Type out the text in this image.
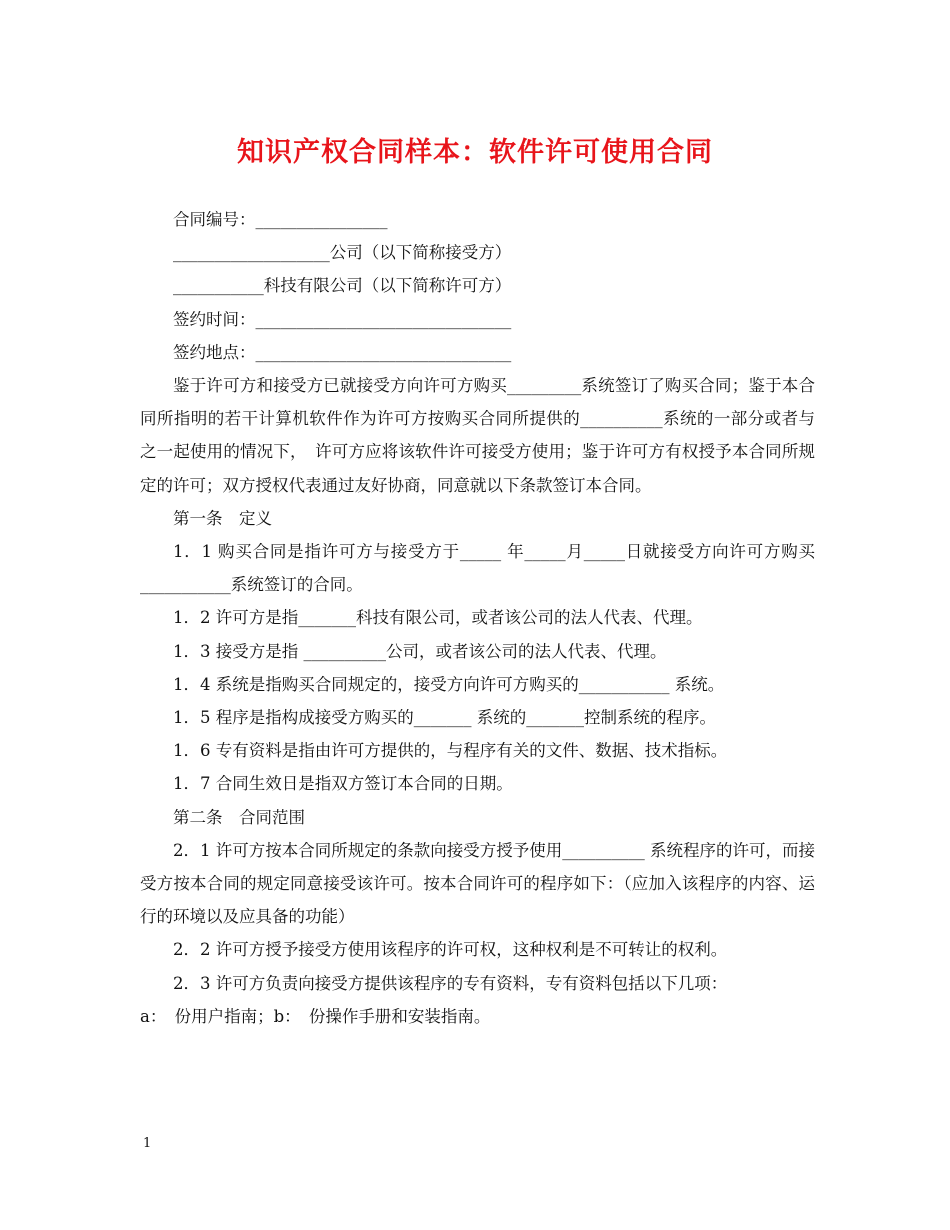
知识产权合同样本：软件许可使用合同

合同编号：________________

___________________公司（以下简称接受方）

___________科技有限公司（以下简称许可方）

签约时间：_______________________________

签约地点：_______________________________

鉴于许可方和接受方已就接受方向许可方购买_________系统签订了购买合同；鉴于本合同所指明的若干计算机软件作为许可方按购买合同所提供的__________系统的一部分或者与之一起使用的情况下，　许可方应将该软件许可接受方使用；鉴于许可方有权授予本合同所规定的许可；双方授权代表通过友好协商，同意就以下条款签订本合同。

第一条　定义

1．1 购买合同是指许可方与接受方于_____ 年_____月_____日就接受方向许可方购买___________系统签订的合同。

1．2 许可方是指_______科技有限公司，或者该公司的法人代表、代理。

1．3 接受方是指 __________公司，或者该公司的法人代表、代理。

1．4 系统是指购买合同规定的，接受方向许可方购买的___________ 系统。

1．5 程序是指构成接受方购买的_______ 系统的_______控制系统的程序。

1．6 专有资料是指由许可方提供的，与程序有关的文件、数据、技术指标。

1．7 合同生效日是指双方签订本合同的日期。

第二条　合同范围

2．1 许可方按本合同所规定的条款向接受方授予使用__________ 系统程序的许可，而接受方按本合同的规定同意接受该许可。按本合同许可的程序如下：（应加入该程序的内容、运行的环境以及应具备的功能）

2．2 许可方授予接受方使用该程序的许可权，这种权利是不可转让的权利。

2．3 许可方负责向接受方提供该程序的专有资料，专有资料包括以下几项：

a：　份用户指南；b：　份操作手册和安装指南。

1
